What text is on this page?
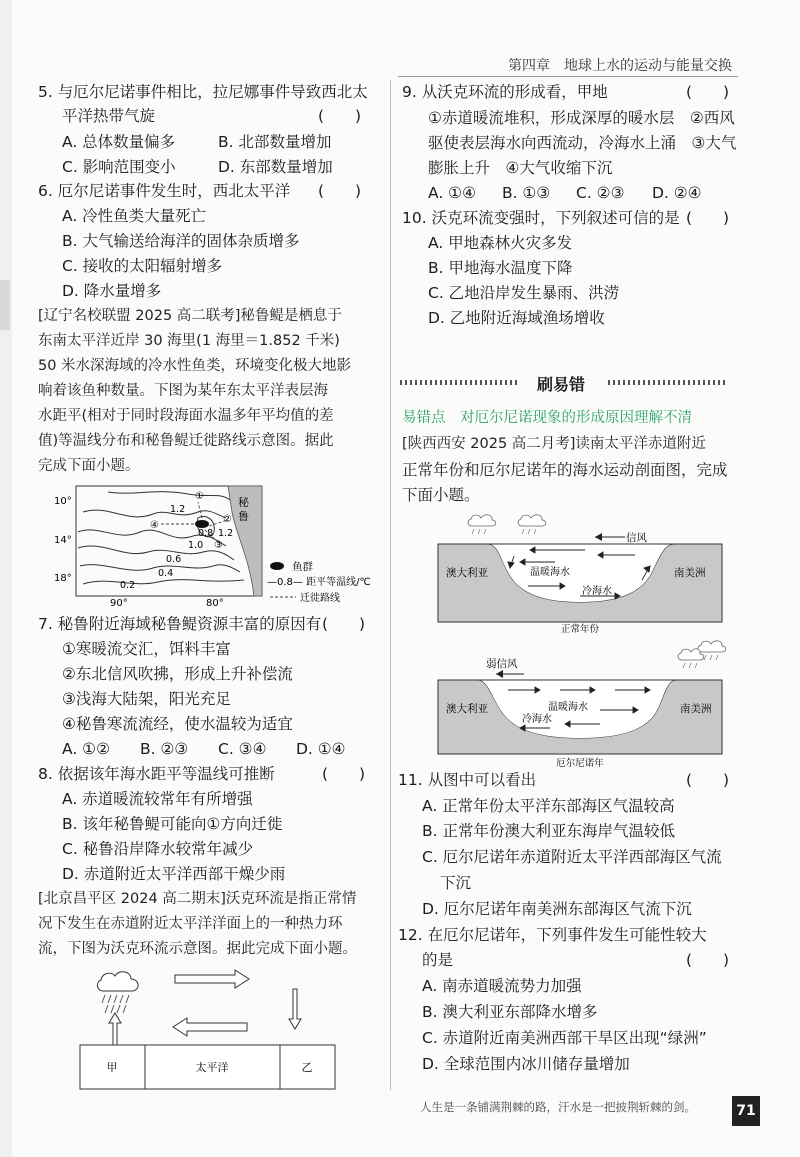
第四章　地球上水的运动与能量交换
5. 与厄尔尼诺事件相比，拉尼娜事件导致西北太
平洋热带气旋	(　　)
A. 总体数量偏多	B. 北部数量增加
C. 影响范围变小	D. 东部数量增加
6. 厄尔尼诺事件发生时，西北太平洋 (　　)
A. 冷性鱼类大量死亡
B. 大气输送给海洋的固体杂质增多
C. 接收的太阳辐射增多
D. 降水量增多
[辽宁名校联盟 2025 高二联考]秘鲁鳀是栖息于
东南太平洋近岸 30 海里(1 海里＝1.852 千米)
50 米水深海域的冷水性鱼类，环境变化极大地影
响着该鱼种数量。下图为某年东太平洋表层海
水距平(相对于同时段海面水温多年平均值的差
值)等温线分布和秘鲁鳀迁徙路线示意图。据此
完成下面小题。
秘
鲁
④
①
②
③
1.2
1.0
0.6
0.4
0.2
0.8 1.2
10°
14°
18°
90°	80°
鱼群
—0.8— 距平等温线/℃
迁徙路线
7. 秘鲁附近海域秘鲁鳀资源丰富的原因有 (　　)
①寒暖流交汇，饵料丰富
②东北信风吹拂，形成上升补偿流
③浅海大陆架，阳光充足
④秘鲁寒流流经，使水温较为适宜
A. ①② B. ②③ C. ③④ D. ①④
8. 依据该年海水距平等温线可推断	(　　)
A. 赤道暖流较常年有所增强
B. 该年秘鲁鳀可能向①方向迁徙
C. 秘鲁沿岸降水较常年减少
D. 赤道附近太平洋西部干燥少雨
[北京昌平区 2024 高二期末]沃克环流是指正常情
况下发生在赤道附近太平洋洋面上的一种热力环
流，下图为沃克环流示意图。据此完成下面小题。
甲	太平洋	乙
9. 从沃克环流的形成看，甲地	(　　)
①赤道暖流堆积，形成深厚的暖水层　②西风
驱使表层海水向西流动，冷海水上涌　③大气
膨胀上升　④大气收缩下沉
A. ①④ B. ①③ C. ②③ D. ②④
10. 沃克环流变强时，下列叙述可信的是 (　　)
A. 甲地森林火灾多发
B. 甲地海水温度下降
C. 乙地沿岸发生暴雨、洪涝
D. 乙地附近海域渔场增收
刷易错
易错点　对厄尔尼诺现象的形成原因理解不清
[陕西西安 2025 高二月考]读南太平洋赤道附近
正常年份和厄尔尼诺年的海水运动剖面图，完成
下面小题。
信风
澳大利亚	南美洲
温暖海水
冷海水
正常年份
弱信风
澳大利亚	南美洲
温暖海水
冷海水
厄尔尼诺年
11. 从图中可以看出	(　　)
A. 正常年份太平洋东部海区气温较高
B. 正常年份澳大利亚东海岸气温较低
C. 厄尔尼诺年赤道附近太平洋西部海区气流
下沉
D. 厄尔尼诺年南美洲东部海区气流下沉
12. 在厄尔尼诺年，下列事件发生可能性较大
的是	(　　)
A. 南赤道暖流势力加强
B. 澳大利亚东部降水增多
C. 赤道附近南美洲西部干旱区出现“绿洲”
D. 全球范围内冰川储存量增加
人生是一条铺满荆棘的路，汗水是一把披荆斩棘的剑。	71
